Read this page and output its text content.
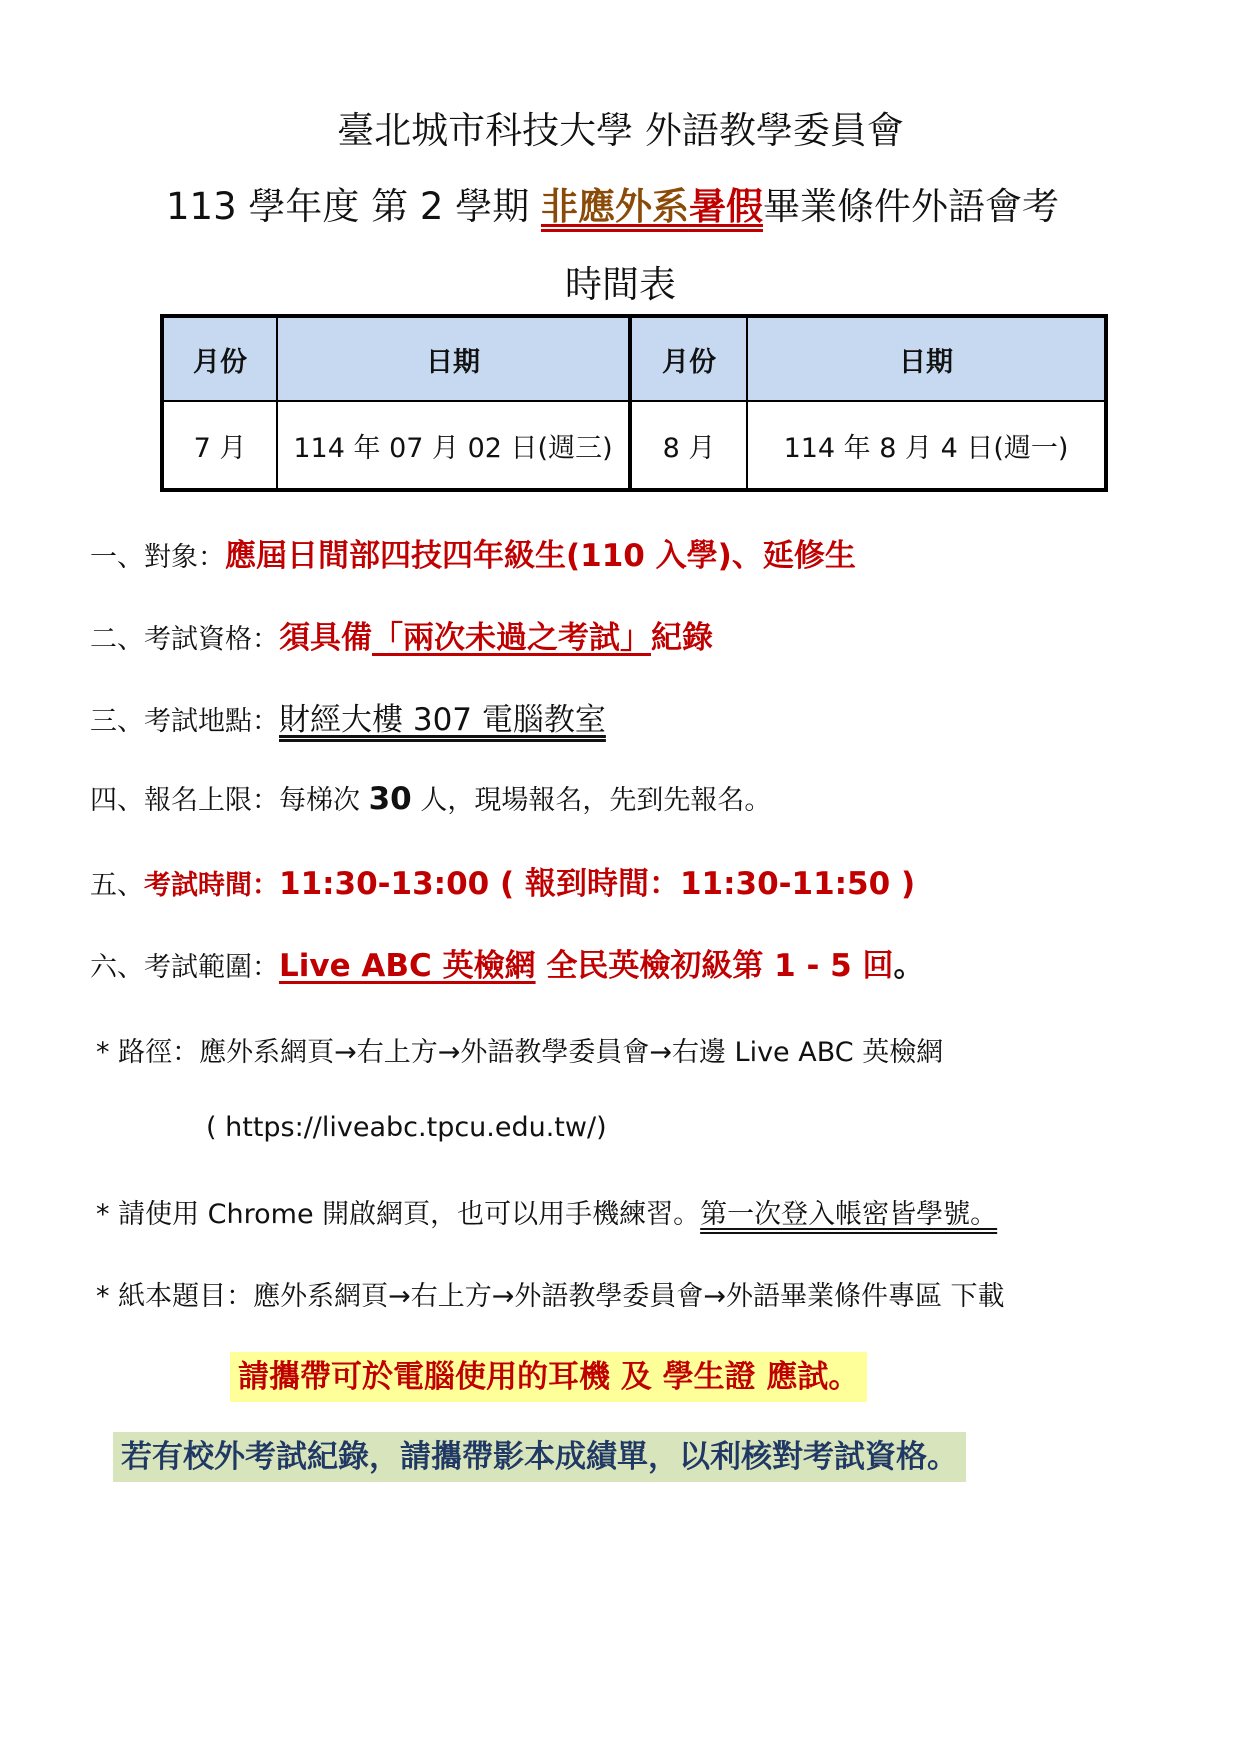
臺北城市科技大學 外語教學委員會
113 學年度 第 2 學期 非應外系暑假畢業條件外語會考
時間表
月份	日期	月份	日期
7 月	114 年 07 月 02 日(週三)	8 月	114 年 8 月 4 日(週一)
一、對象：應屆日間部四技四年級生(110 入學)、延修生
二、考試資格：須具備「兩次未過之考試」紀錄
三、考試地點：財經大樓 307 電腦教室
四、報名上限：每梯次 30 人，現場報名，先到先報名。
五、考試時間：11:30-13:00 ( 報到時間：11:30-11:50 )
六、考試範圍：Live ABC 英檢網 全民英檢初級第 1 - 5 回。
* 路徑：應外系網頁→右上方→外語教學委員會→右邊 Live ABC 英檢網
( https://liveabc.tpcu.edu.tw/)
* 請使用 Chrome 開啟網頁，也可以用手機練習。第一次登入帳密皆學號。
* 紙本題目：應外系網頁→右上方→外語教學委員會→外語畢業條件專區 下載
請攜帶可於電腦使用的耳機 及 學生證 應試。
若有校外考試紀錄，請攜帶影本成績單，以利核對考試資格。
